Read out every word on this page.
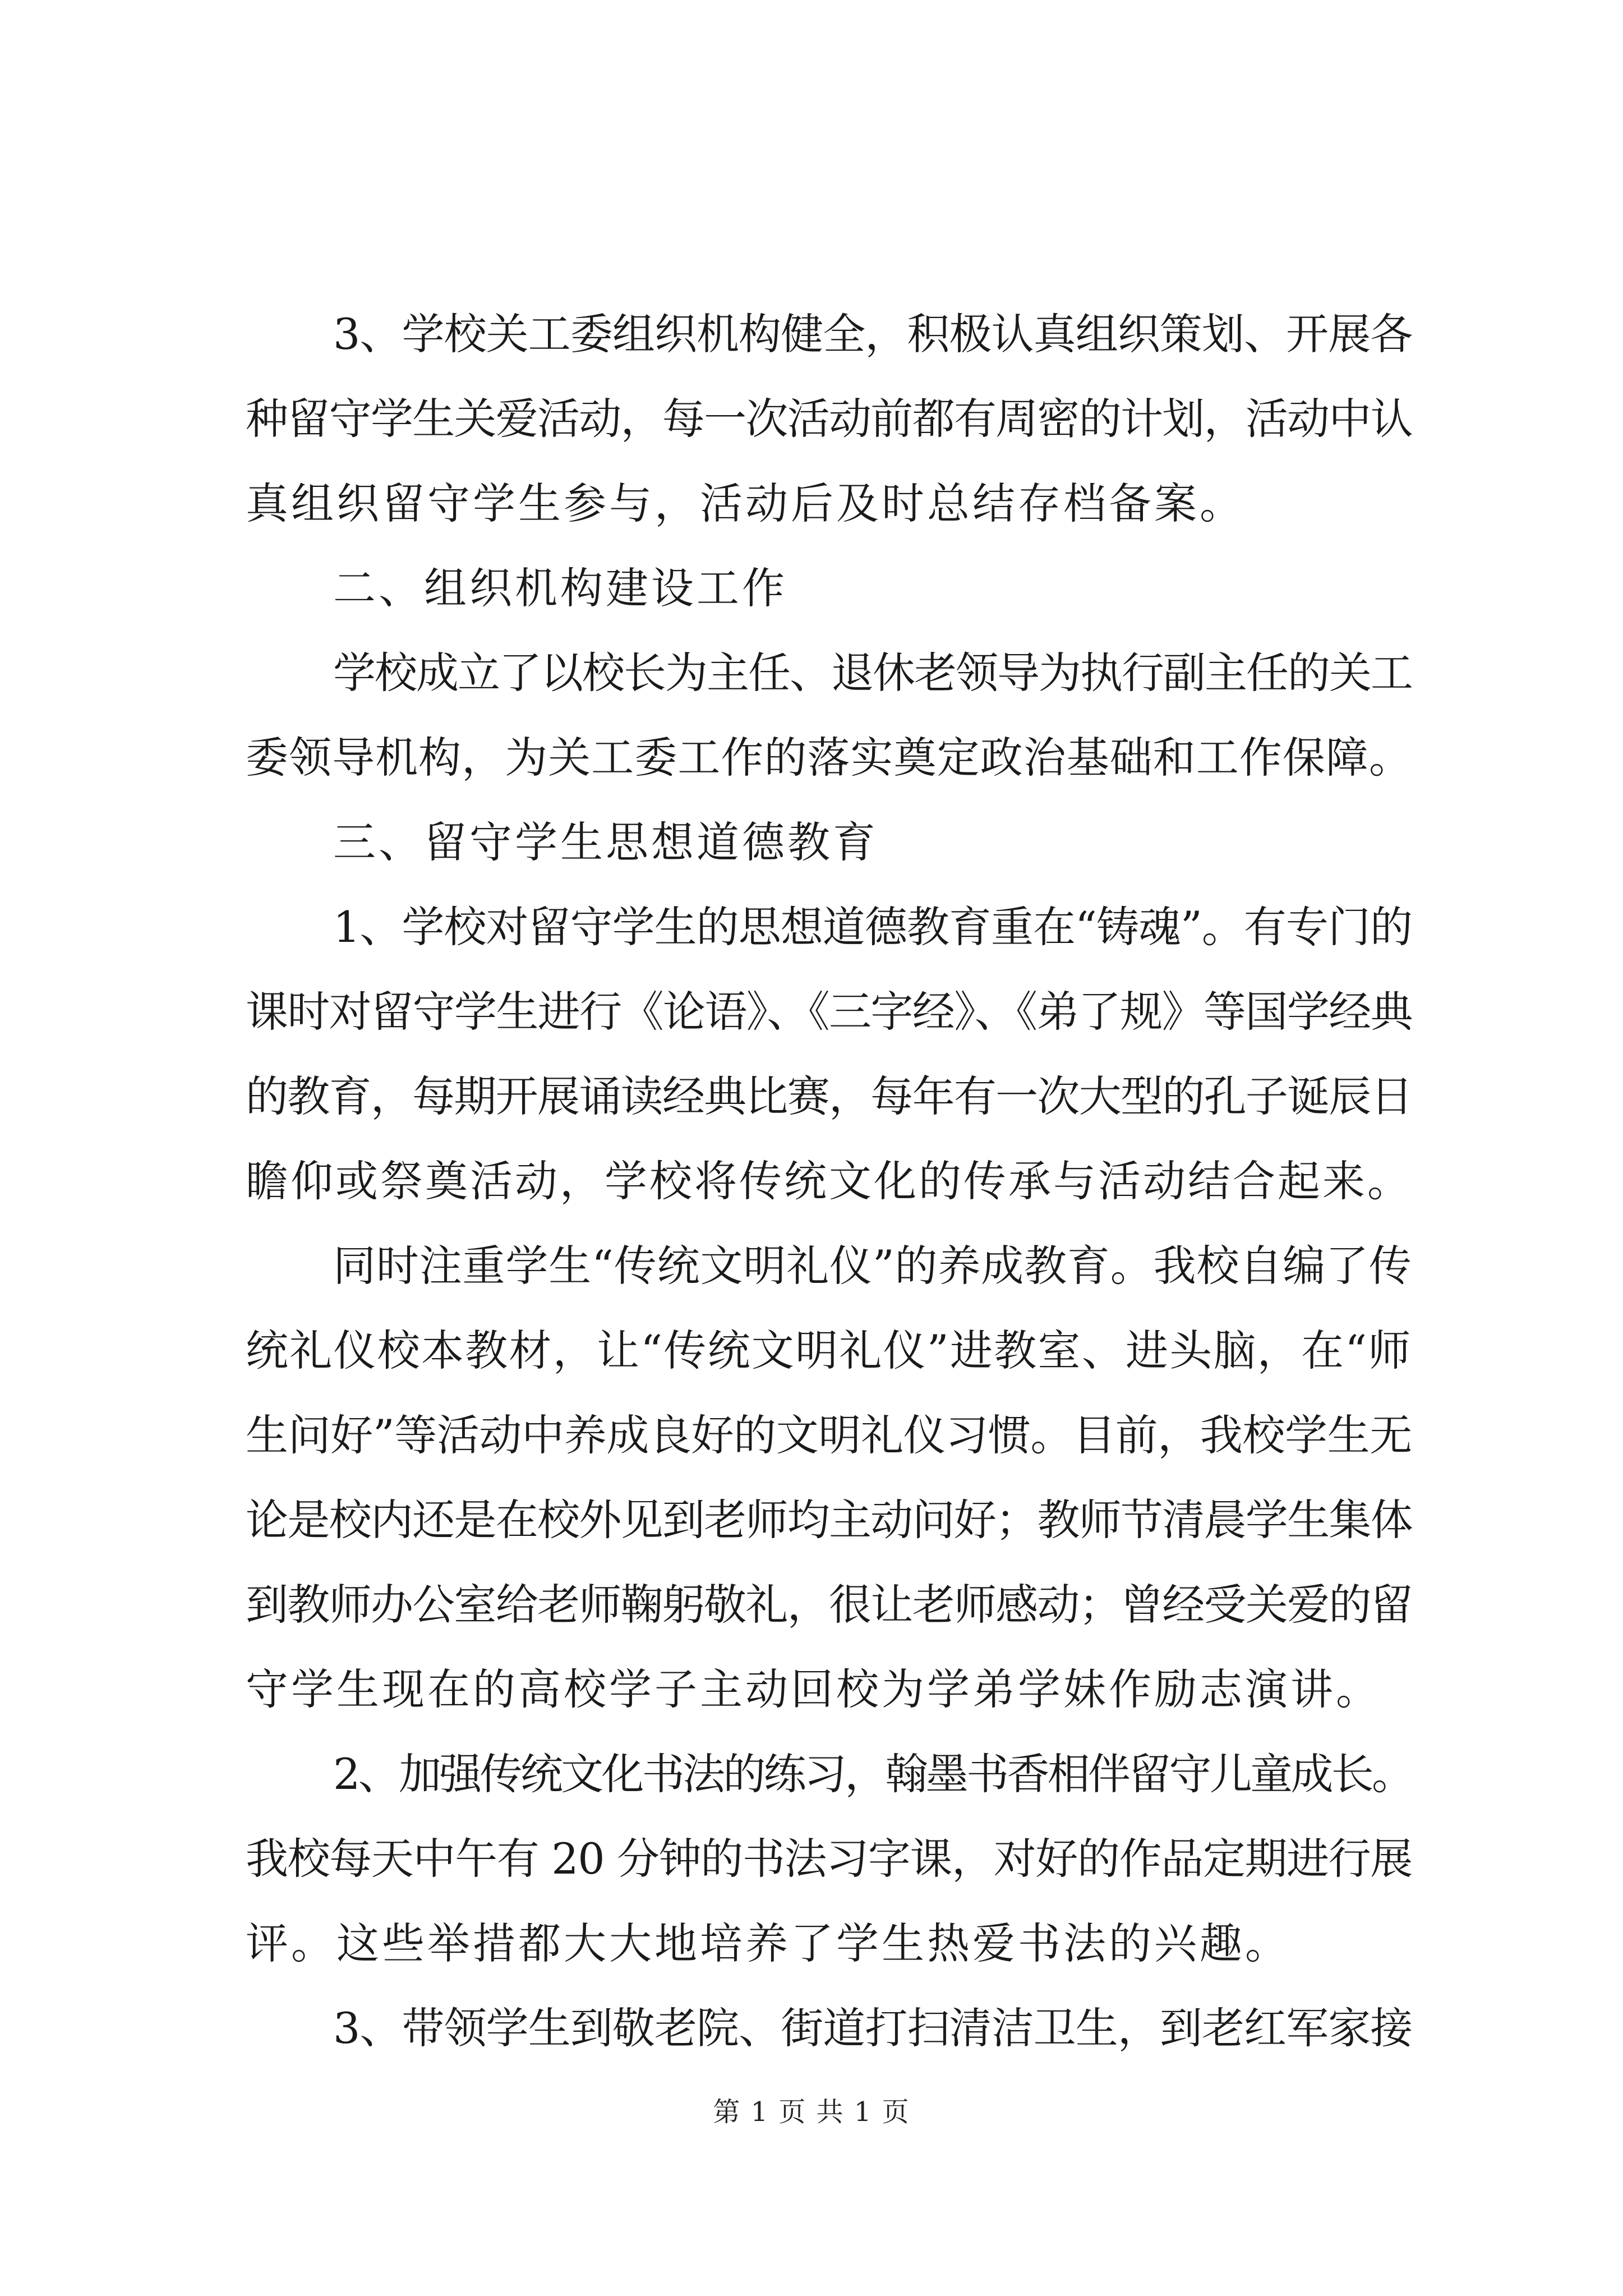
3、学校关工委组织机构健全，积极认真组织策划、开展各
种留守学生关爱活动，每一次活动前都有周密的计划，活动中认
真组织留守学生参与，活动后及时总结存档备案。
二、组织机构建设工作
学校成立了以校长为主任、退休老领导为执行副主任的关工
委领导机构，为关工委工作的落实奠定政治基础和工作保障。
三、留守学生思想道德教育
1、学校对留守学生的思想道德教育重在“铸魂”。有专门的
课时对留守学生进行《论语》、《三字经》、《弟了规》等国学经典
的教育，每期开展诵读经典比赛，每年有一次大型的孔子诞辰日
瞻仰或祭奠活动，学校将传统文化的传承与活动结合起来。
同时注重学生“传统文明礼仪”的养成教育。我校自编了传
统礼仪校本教材，让“传统文明礼仪”进教室、进头脑，在“师
生问好”等活动中养成良好的文明礼仪习惯。目前，我校学生无
论是校内还是在校外见到老师均主动问好；教师节清晨学生集体
到教师办公室给老师鞠躬敬礼，很让老师感动；曾经受关爱的留
守学生现在的高校学子主动回校为学弟学妹作励志演讲。
2、加强传统文化书法的练习，翰墨书香相伴留守儿童成长。
我校每天中午有 20 分钟的书法习字课，对好的作品定期进行展
评。这些举措都大大地培养了学生热爱书法的兴趣。
3、带领学生到敬老院、街道打扫清洁卫生，到老红军家接

第 1 页 共 1 页
